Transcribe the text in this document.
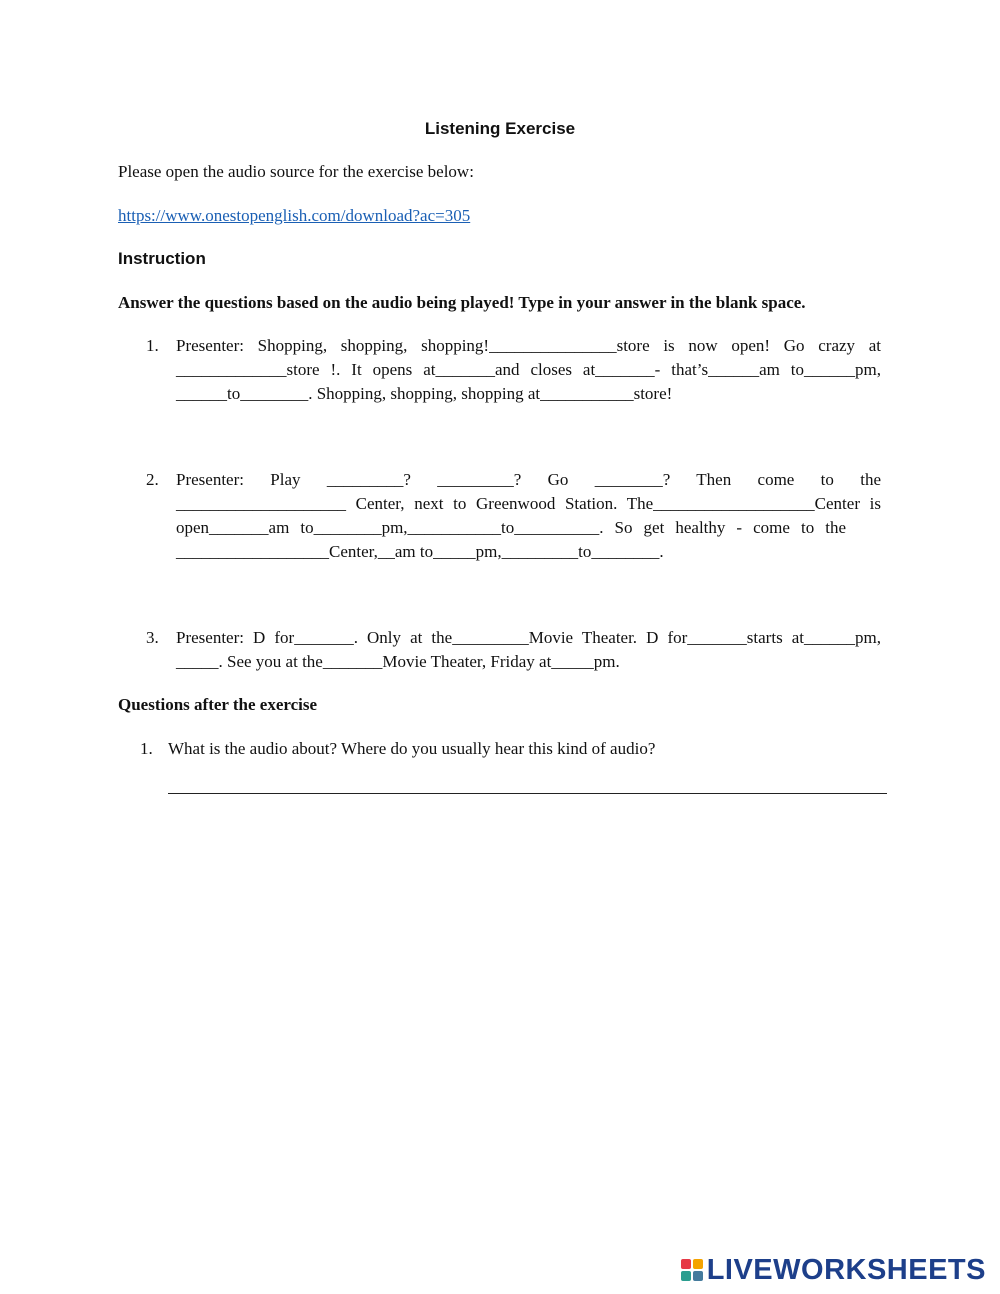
Listening Exercise
Please open the audio source for the exercise below:
https://www.onestopenglish.com/download?ac=305
Instruction
Answer the questions based on the audio being played! Type in your answer in the blank space.
1. Presenter: Shopping, shopping, shopping!_______________store is now open! Go crazy at
_____________store !. It opens at_______and closes at_______- that’s______am to______pm,
______to________. Shopping, shopping, shopping at___________store!
2. Presenter: Play _________? _________? Go ________? Then come to the
____________________ Center, next to Greenwood Station. The___________________Center is
open_______am to________pm,___________to__________. So get healthy - come to the
__________________Center,__am to_____pm,_________to________.
3. Presenter: D for_______. Only at the_________Movie Theater. D for_______starts at______pm,
_____. See you at the_______Movie Theater, Friday at_____pm.
Questions after the exercise
1. What is the audio about? Where do you usually hear this kind of audio?
LIVEWORKSHEETS
